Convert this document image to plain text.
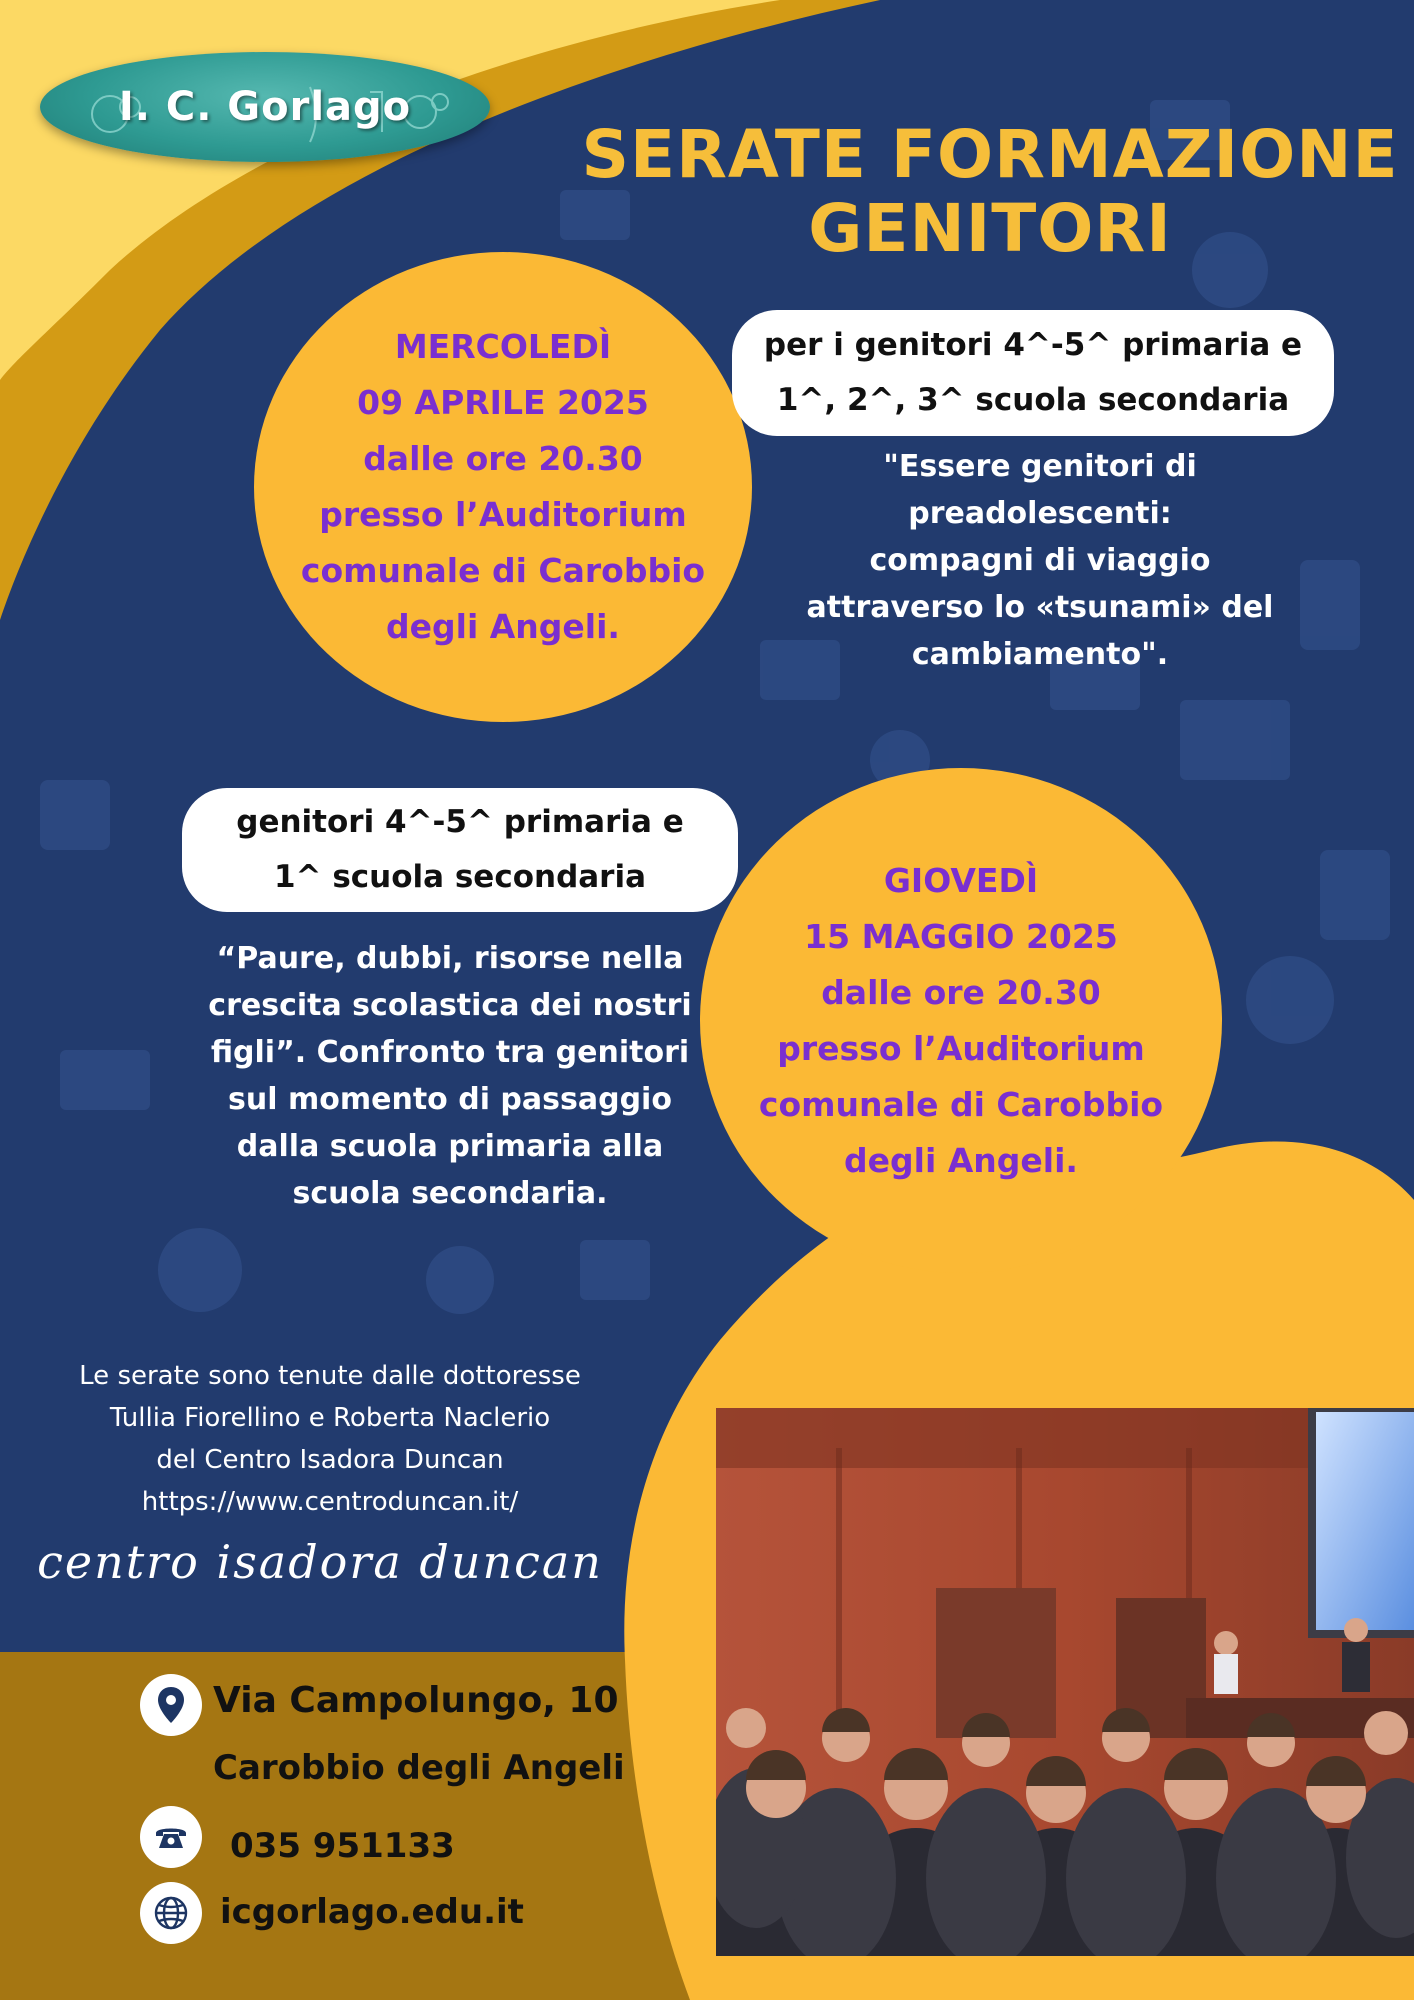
I. C. Gorlago
SERATE FORMAZIONE
GENITORI
MERCOLEDÌ
09 APRILE 2025
dalle ore 20.30
presso l’Auditorium
comunale di Carobbio
degli Angeli.
per i genitori 4^-5^ primaria e
1^, 2^, 3^ scuola secondaria
"Essere genitori di
preadolescenti:
compagni di viaggio
attraverso lo «tsunami» del
cambiamento".
genitori 4^-5^ primaria e
1^ scuola secondaria
“Paure, dubbi, risorse nella
crescita scolastica dei nostri
figli”. Confronto tra genitori
sul momento di passaggio
dalla scuola primaria alla
scuola secondaria.
GIOVEDÌ
15 MAGGIO 2025
dalle ore 20.30
presso l’Auditorium
comunale di Carobbio
degli Angeli.
Le serate sono tenute dalle dottoresse
Tullia Fiorellino e Roberta Naclerio
del Centro Isadora Duncan
https://www.centroduncan.it/
centro isadora duncan
Via Campolungo, 10
Carobbio degli Angeli
035 951133
icgorlago.edu.it
